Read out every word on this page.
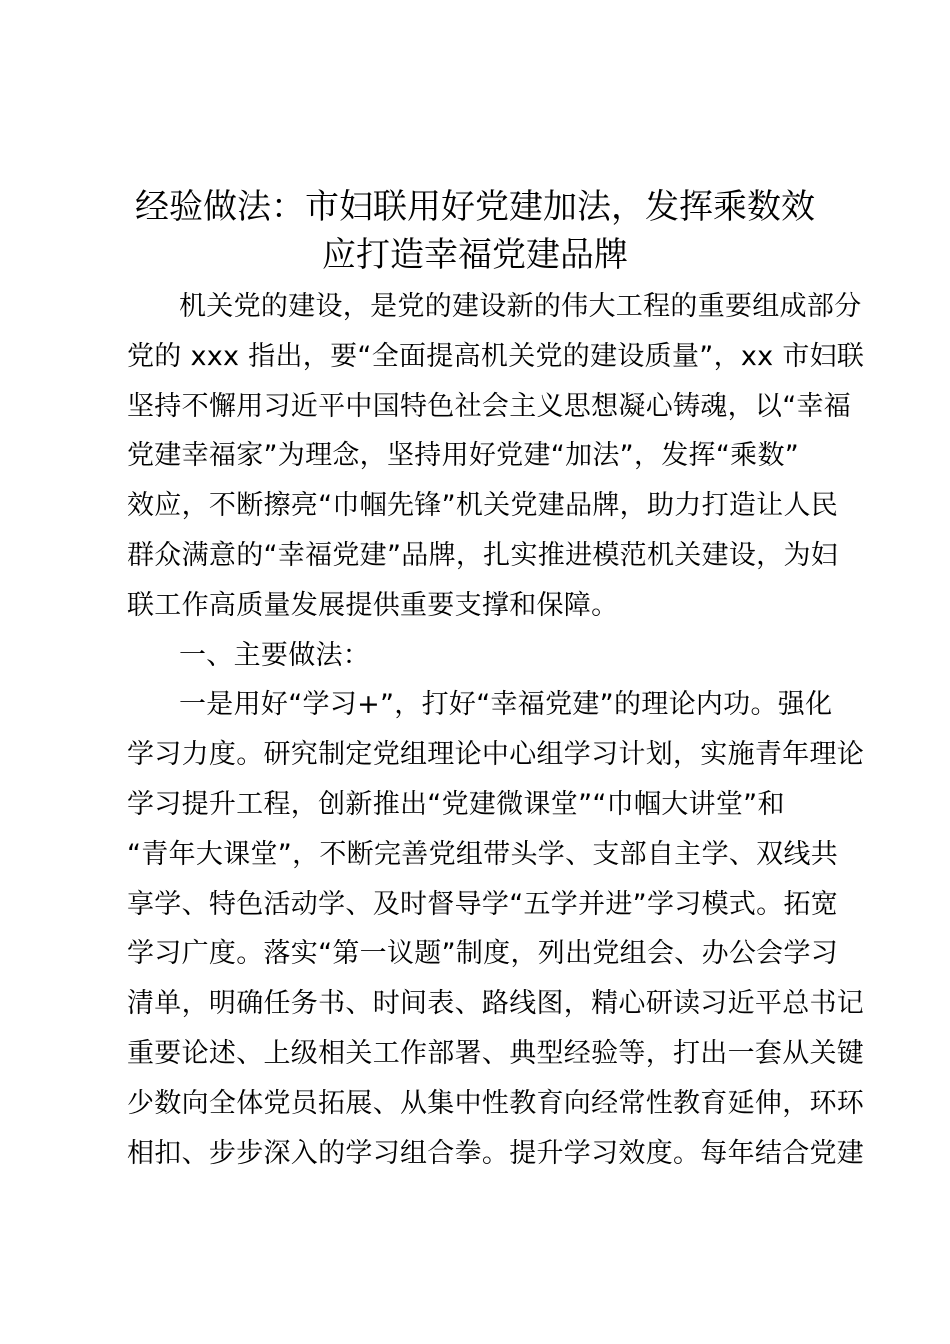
经验做法：市妇联用好党建加法，发挥乘数效
应打造幸福党建品牌
机关党的建设，是党的建设新的伟大工程的重要组成部分
党的 xxx 指出，要“全面提高机关党的建设质量”，xx 市妇联
坚持不懈用习近平中国特色社会主义思想凝心铸魂，以“幸福
党建幸福家”为理念，坚持用好党建“加法”，发挥“乘数”
效应，不断擦亮“巾帼先锋”机关党建品牌，助力打造让人民
群众满意的“幸福党建”品牌，扎实推进模范机关建设，为妇
联工作高质量发展提供重要支撑和保障。
一、主要做法：
一是用好“学习+”，打好“幸福党建”的理论内功。强化
学习力度。研究制定党组理论中心组学习计划，实施青年理论
学习提升工程，创新推出“党建微课堂”“巾帼大讲堂”和
“青年大课堂”，不断完善党组带头学、支部自主学、双线共
享学、特色活动学、及时督导学“五学并进”学习模式。拓宽
学习广度。落实“第一议题”制度，列出党组会、办公会学习
清单，明确任务书、时间表、路线图，精心研读习近平总书记
重要论述、上级相关工作部署、典型经验等，打出一套从关键
少数向全体党员拓展、从集中性教育向经常性教育延伸，环环
相扣、步步深入的学习组合拳。提升学习效度。每年结合党建
